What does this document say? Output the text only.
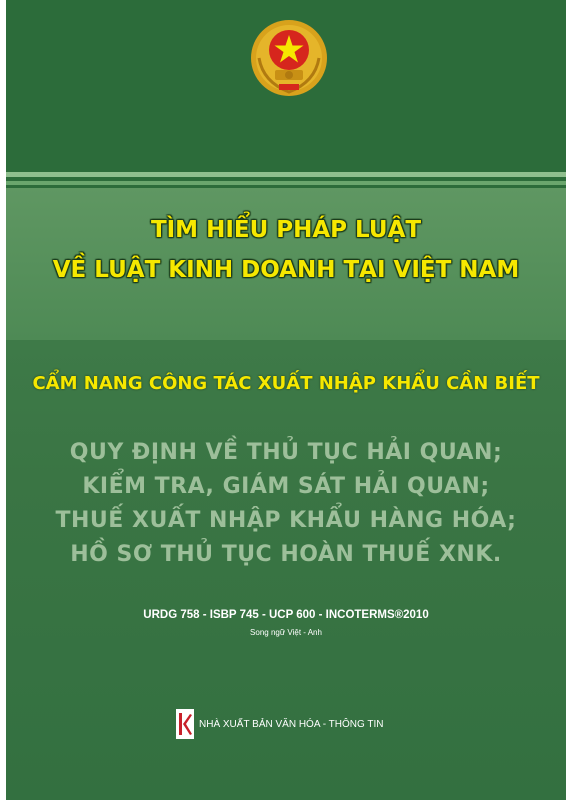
TÌM HIỂU PHÁP LUẬT
VỀ LUẬT KINH DOANH TẠI VIỆT NAM
CẨM NANG CÔNG TÁC XUẤT NHẬP KHẨU CẦN BIẾT
QUY ĐỊNH VỀ THỦ TỤC HẢI QUAN;
KIỂM TRA, GIÁM SÁT HẢI QUAN;
THUẾ XUẤT NHẬP KHẨU HÀNG HÓA;
HỒ SƠ THỦ TỤC HOÀN THUẾ XNK.
URDG 758 - ISBP 745 - UCP 600 - INCOTERMS®2010
Song ngữ Việt - Anh
NHÀ XUẤT BẢN VĂN HÓA - THÔNG TIN
